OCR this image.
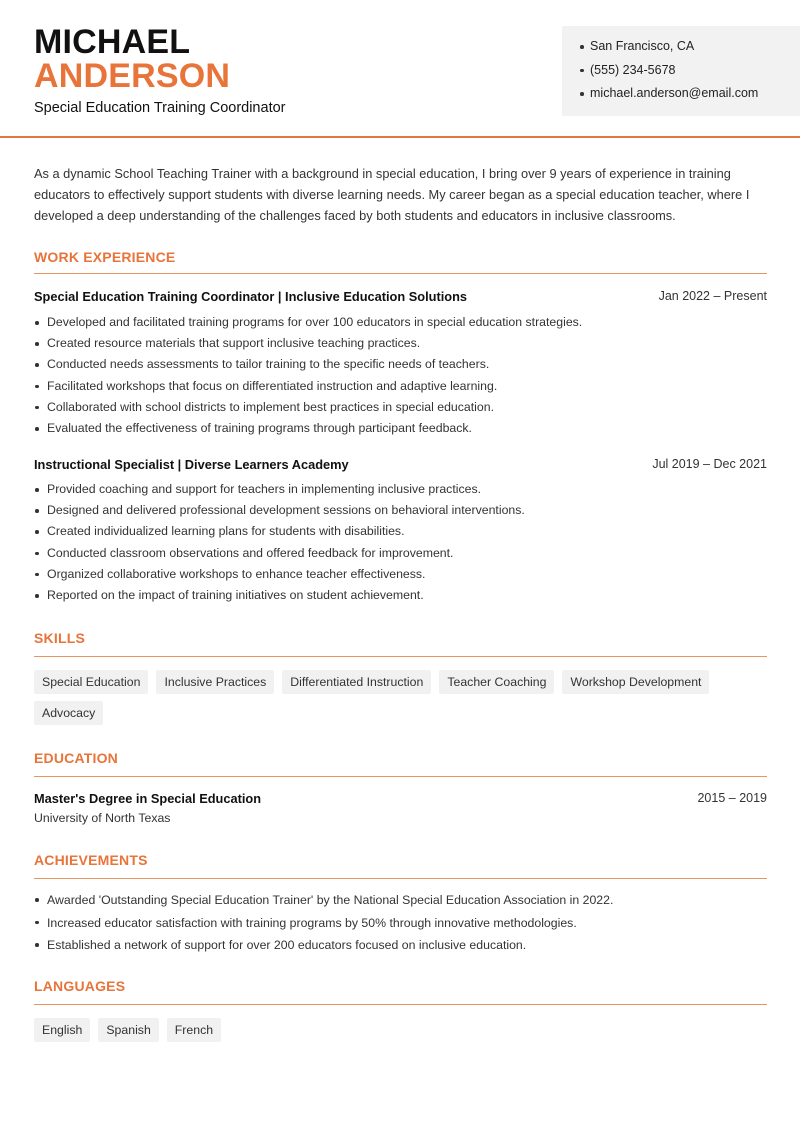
MICHAEL
ANDERSON
Special Education Training Coordinator
San Francisco, CA
(555) 234-5678
michael.anderson@email.com

As a dynamic School Teaching Trainer with a background in special education, I bring over 9 years of experience in training educators to effectively support students with diverse learning needs. My career began as a special education teacher, where I developed a deep understanding of the challenges faced by both students and educators in inclusive classrooms.

WORK EXPERIENCE
Special Education Training Coordinator | Inclusive Education Solutions	Jan 2022 – Present
Developed and facilitated training programs for over 100 educators in special education strategies.
Created resource materials that support inclusive teaching practices.
Conducted needs assessments to tailor training to the specific needs of teachers.
Facilitated workshops that focus on differentiated instruction and adaptive learning.
Collaborated with school districts to implement best practices in special education.
Evaluated the effectiveness of training programs through participant feedback.
Instructional Specialist | Diverse Learners Academy	Jul 2019 – Dec 2021
Provided coaching and support for teachers in implementing inclusive practices.
Designed and delivered professional development sessions on behavioral interventions.
Created individualized learning plans for students with disabilities.
Conducted classroom observations and offered feedback for improvement.
Organized collaborative workshops to enhance teacher effectiveness.
Reported on the impact of training initiatives on student achievement.
SKILLS
Special Education	Inclusive Practices	Differentiated Instruction	Teacher Coaching	Workshop Development
Advocacy
EDUCATION
Master's Degree in Special Education	2015 – 2019
University of North Texas
ACHIEVEMENTS
Awarded 'Outstanding Special Education Trainer' by the National Special Education Association in 2022.
Increased educator satisfaction with training programs by 50% through innovative methodologies.
Established a network of support for over 200 educators focused on inclusive education.
LANGUAGES
English	Spanish	French
